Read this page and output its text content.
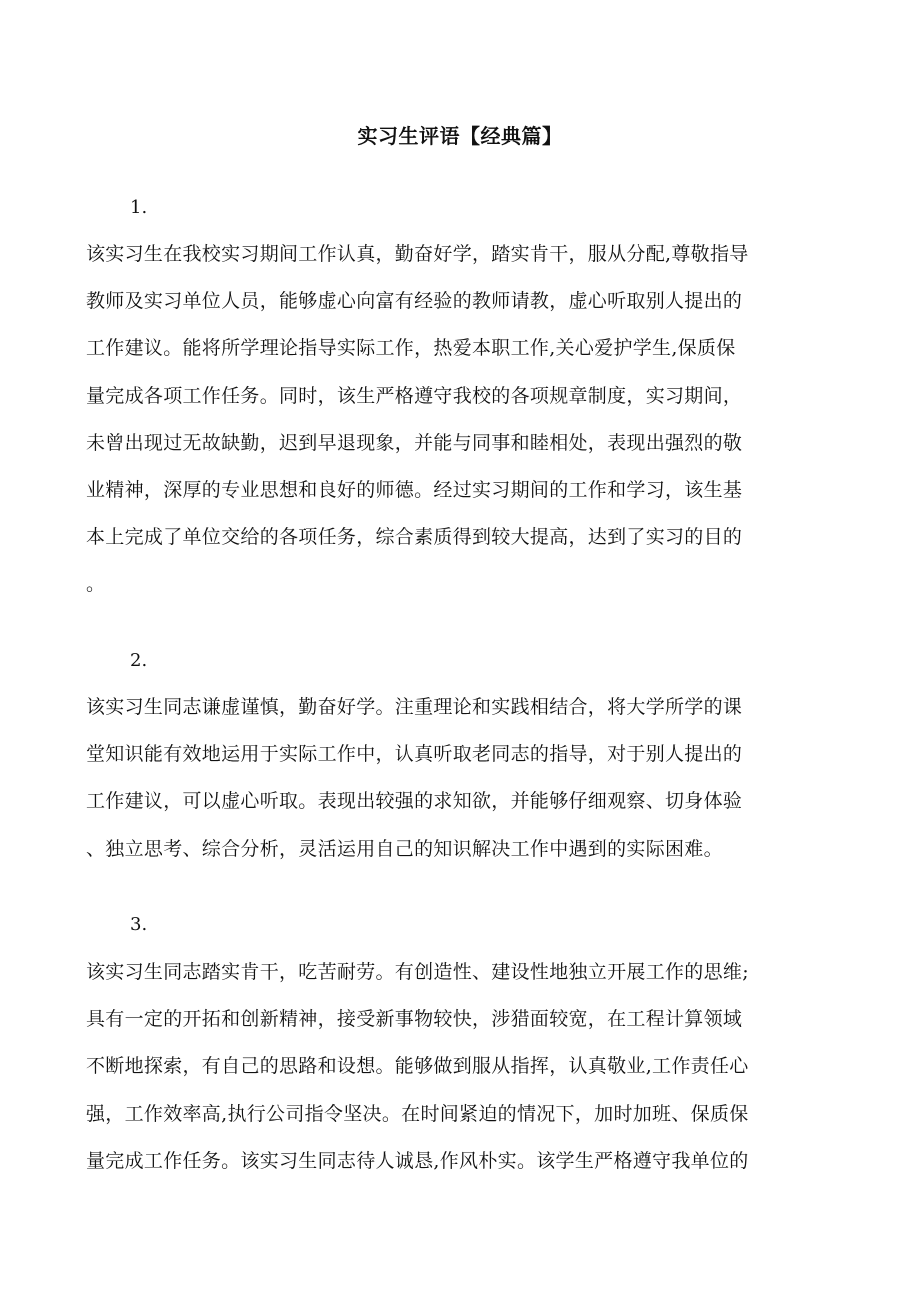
实习生评语【经典篇】
1.
该实习生在我校实习期间工作认真，勤奋好学，踏实肯干，服从分配,尊敬指导
教师及实习单位人员，能够虚心向富有经验的教师请教，虚心听取别人提出的
工作建议。能将所学理论指导实际工作，热爱本职工作,关心爱护学生,保质保
量完成各项工作任务。同时，该生严格遵守我校的各项规章制度，实习期间，
未曾出现过无故缺勤，迟到早退现象，并能与同事和睦相处，表现出强烈的敬
业精神，深厚的专业思想和良好的师德。经过实习期间的工作和学习，该生基
本上完成了单位交给的各项任务，综合素质得到较大提高，达到了实习的目的
。
2.
该实习生同志谦虚谨慎，勤奋好学。注重理论和实践相结合，将大学所学的课
堂知识能有效地运用于实际工作中，认真听取老同志的指导，对于别人提出的
工作建议，可以虚心听取。表现出较强的求知欲，并能够仔细观察、切身体验
、独立思考、综合分析，灵活运用自己的知识解决工作中遇到的实际困难。
3.
该实习生同志踏实肯干，吃苦耐劳。有创造性、建设性地独立开展工作的思维;
具有一定的开拓和创新精神，接受新事物较快，涉猎面较宽，在工程计算领域
不断地探索，有自己的思路和设想。能够做到服从指挥，认真敬业,工作责任心
强，工作效率高,执行公司指令坚决。在时间紧迫的情况下，加时加班、保质保
量完成工作任务。该实习生同志待人诚恳,作风朴实。该学生严格遵守我单位的
